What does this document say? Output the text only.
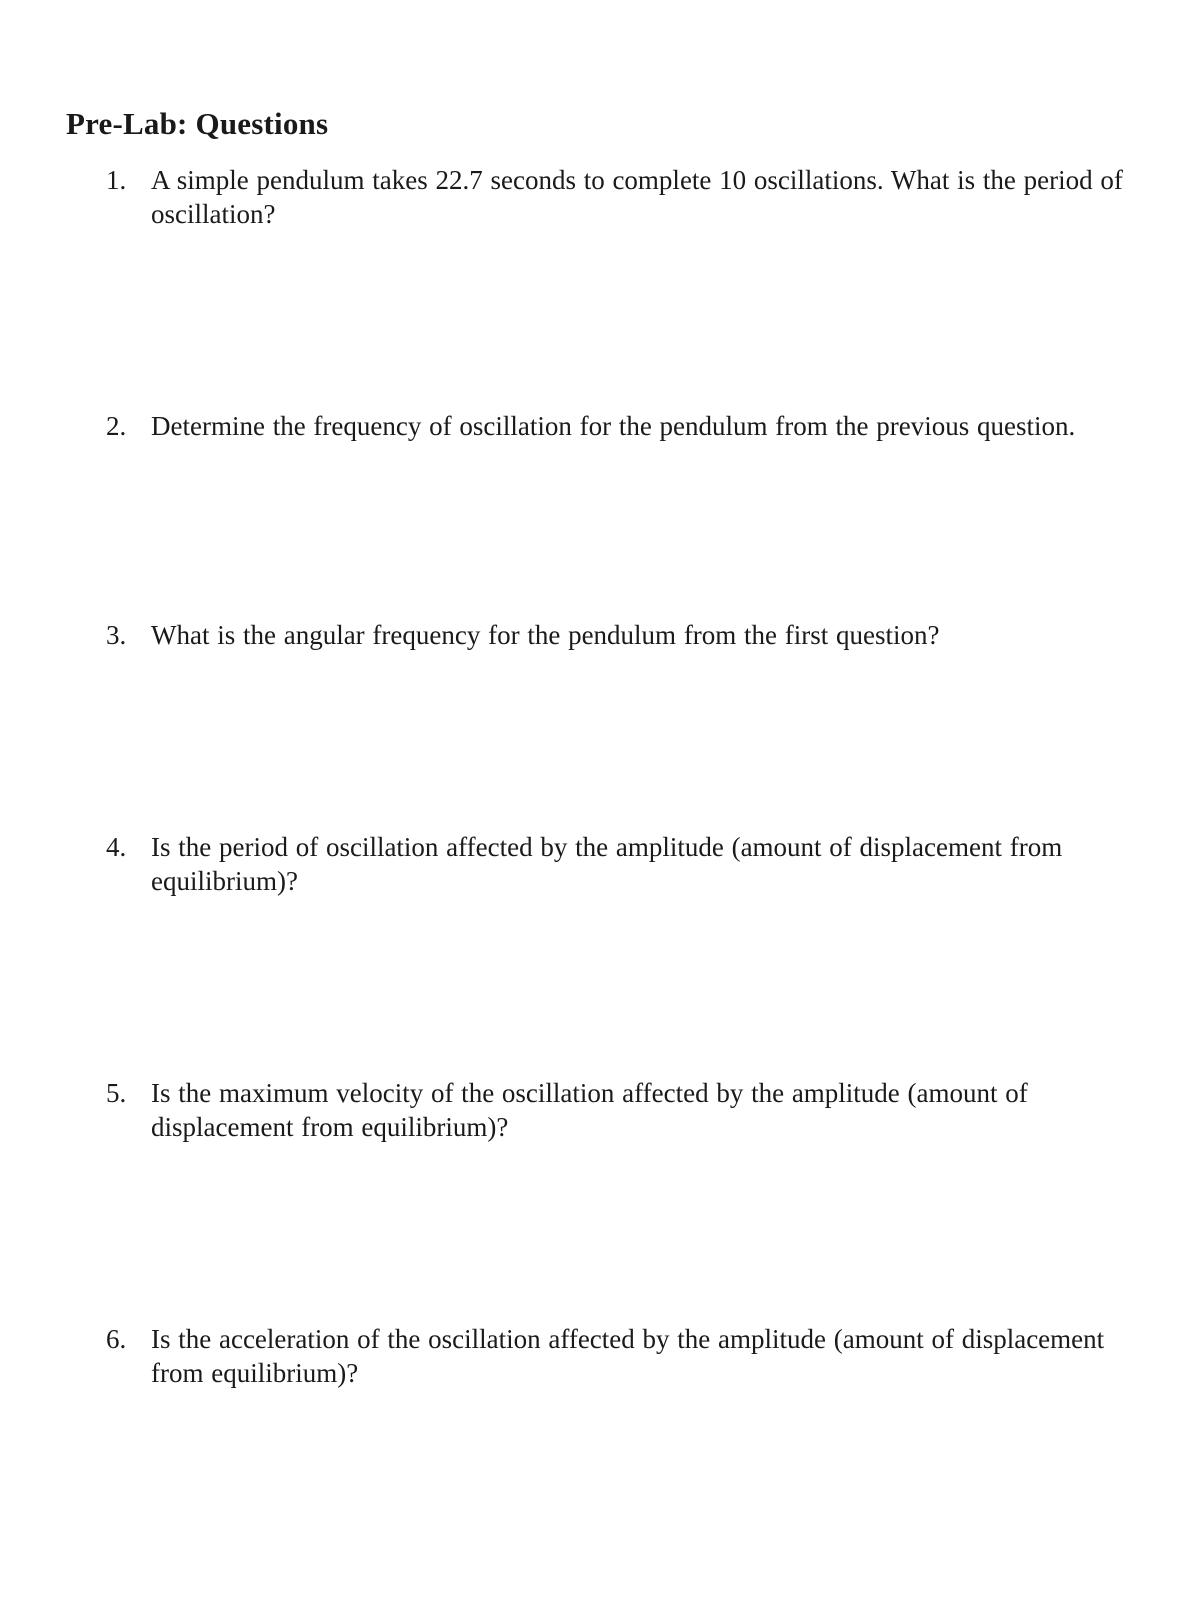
Pre-Lab: Questions
1. A simple pendulum takes 22.7 seconds to complete 10 oscillations. What is the period of
oscillation?
2. Determine the frequency of oscillation for the pendulum from the previous question.
3. What is the angular frequency for the pendulum from the first question?
4. Is the period of oscillation affected by the amplitude (amount of displacement from
equilibrium)?
5. Is the maximum velocity of the oscillation affected by the amplitude (amount of
displacement from equilibrium)?
6. Is the acceleration of the oscillation affected by the amplitude (amount of displacement
from equilibrium)?
